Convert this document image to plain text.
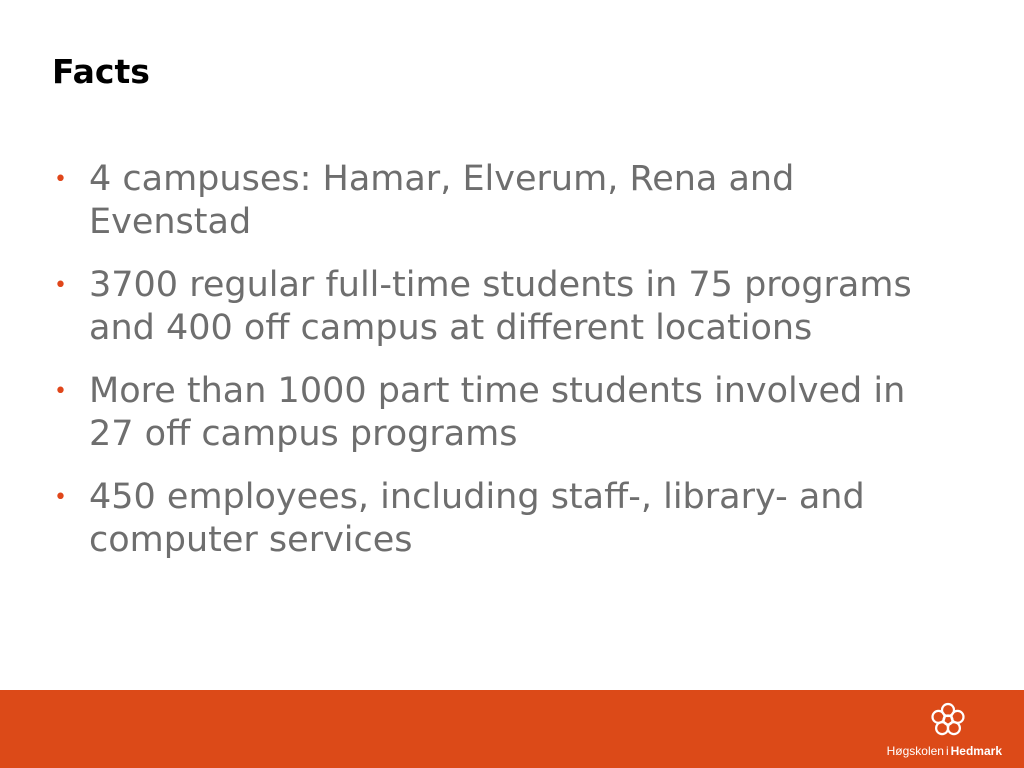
Facts
• 4 campuses: Hamar, Elverum, Rena and Evenstad
• 3700 regular full-time students in 75 programs and 400 off campus at different locations
• More than 1000 part time students involved in 27 off campus programs
• 450 employees, including staff-, library- and computer services
Høgskolen i Hedmark
